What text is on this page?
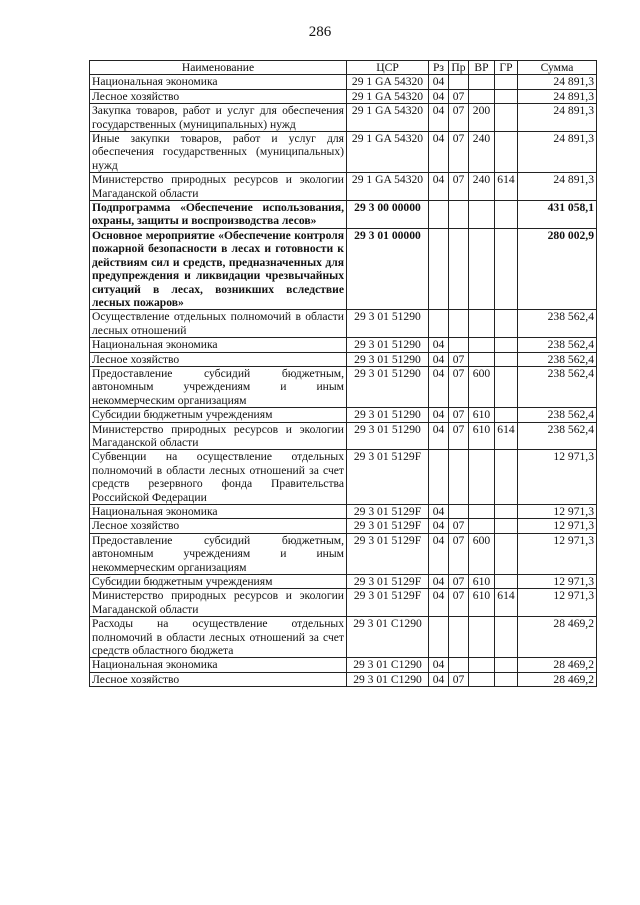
286
Наименование	ЦСР	Рз	Пр	ВР	ГР	Сумма
Национальная экономика	29 1 GA 54320	04				24 891,3
Лесное хозяйство	29 1 GA 54320	04	07			24 891,3
Закупка товаров, работ и услуг для обеспечения государственных (муниципальных) нужд	29 1 GA 54320	04	07	200		24 891,3
Иные закупки товаров, работ и услуг для обеспечения государственных (муниципальных) нужд	29 1 GA 54320	04	07	240		24 891,3
Министерство природных ресурсов и экологии Магаданской области	29 1 GA 54320	04	07	240	614	24 891,3
Подпрограмма «Обеспечение использования, охраны, защиты и воспроизводства лесов»	29 3 00 00000					431 058,1
Основное мероприятие «Обеспечение контроля пожарной безопасности в лесах и готовности к действиям сил и средств, предназначенных для предупреждения и ликвидации чрезвычайных ситуаций в лесах, возникших вследствие лесных пожаров»	29 3 01 00000					280 002,9
Осуществление отдельных полномочий в области лесных отношений	29 3 01 51290					238 562,4
Национальная экономика	29 3 01 51290	04				238 562,4
Лесное хозяйство	29 3 01 51290	04	07			238 562,4
Предоставление субсидий бюджетным, автономным учреждениям и иным некоммерческим организациям	29 3 01 51290	04	07	600		238 562,4
Субсидии бюджетным учреждениям	29 3 01 51290	04	07	610		238 562,4
Министерство природных ресурсов и экологии Магаданской области	29 3 01 51290	04	07	610	614	238 562,4
Субвенции на осуществление отдельных полномочий в области лесных отношений за счет средств резервного фонда Правительства Российской Федерации	29 3 01 5129F					12 971,3
Национальная экономика	29 3 01 5129F	04				12 971,3
Лесное хозяйство	29 3 01 5129F	04	07			12 971,3
Предоставление субсидий бюджетным, автономным учреждениям и иным некоммерческим организациям	29 3 01 5129F	04	07	600		12 971,3
Субсидии бюджетным учреждениям	29 3 01 5129F	04	07	610		12 971,3
Министерство природных ресурсов и экологии Магаданской области	29 3 01 5129F	04	07	610	614	12 971,3
Расходы на осуществление отдельных полномочий в области лесных отношений за счет средств областного бюджета	29 3 01 С1290					28 469,2
Национальная экономика	29 3 01 С1290	04				28 469,2
Лесное хозяйство	29 3 01 С1290	04	07			28 469,2
